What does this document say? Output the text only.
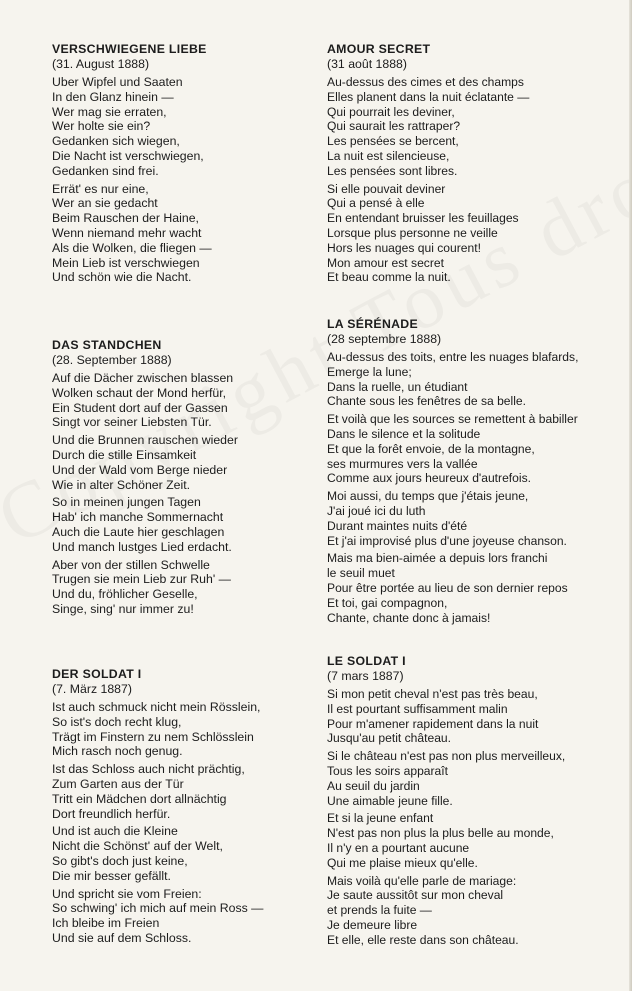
VERSCHWIEGENE LIEBE
(31. August 1888)
Uber Wipfel und Saaten
In den Glanz hinein —
Wer mag sie erraten,
Wer holte sie ein?
Gedanken sich wiegen,
Die Nacht ist verschwiegen,
Gedanken sind frei.
Errät' es nur eine,
Wer an sie gedacht
Beim Rauschen der Haine,
Wenn niemand mehr wacht
Als die Wolken, die fliegen —
Mein Lieb ist verschwiegen
Und schön wie die Nacht.
DAS STANDCHEN
(28. September 1888)
Auf die Dächer zwischen blassen
Wolken schaut der Mond herfür,
Ein Student dort auf der Gassen
Singt vor seiner Liebsten Tür.
Und die Brunnen rauschen wieder
Durch die stille Einsamkeit
Und der Wald vom Berge nieder
Wie in alter Schöner Zeit.
So in meinen jungen Tagen
Hab' ich manche Sommernacht
Auch die Laute hier geschlagen
Und manch lustges Lied erdacht.
Aber von der stillen Schwelle
Trugen sie mein Lieb zur Ruh' —
Und du, fröhlicher Geselle,
Singe, sing' nur immer zu!
DER SOLDAT I
(7. März 1887)
Ist auch schmuck nicht mein Rösslein,
So ist's doch recht klug,
Trägt im Finstern zu nem Schlösslein
Mich rasch noch genug.
Ist das Schloss auch nicht prächtig,
Zum Garten aus der Tür
Tritt ein Mädchen dort allnächtig
Dort freundlich herfür.
Und ist auch die Kleine
Nicht die Schönst' auf der Welt,
So gibt's doch just keine,
Die mir besser gefällt.
Und spricht sie vom Freien:
So schwing' ich mich auf mein Ross —
Ich bleibe im Freien
Und sie auf dem Schloss.
AMOUR SECRET
(31 août 1888)
Au-dessus des cimes et des champs
Elles planent dans la nuit éclatante —
Qui pourrait les deviner,
Qui saurait les rattraper?
Les pensées se bercent,
La nuit est silencieuse,
Les pensées sont libres.
Si elle pouvait deviner
Qui a pensé à elle
En entendant bruisser les feuillages
Lorsque plus personne ne veille
Hors les nuages qui courent!
Mon amour est secret
Et beau comme la nuit.
LA SÉRÉNADE
(28 septembre 1888)
Au-dessus des toits, entre les nuages blafards,
Emerge la lune;
Dans la ruelle, un étudiant
Chante sous les fenêtres de sa belle.
Et voilà que les sources se remettent à babiller
Dans le silence et la solitude
Et que la forêt envoie, de la montagne,
ses murmures vers la vallée
Comme aux jours heureux d'autrefois.
Moi aussi, du temps que j'étais jeune,
J'ai joué ici du luth
Durant maintes nuits d'été
Et j'ai improvisé plus d'une joyeuse chanson.
Mais ma bien-aimée a depuis lors franchi
le seuil muet
Pour être portée au lieu de son dernier repos
Et toi, gai compagnon,
Chante, chante donc à jamais!
LE SOLDAT I
(7 mars 1887)
Si mon petit cheval n'est pas très beau,
Il est pourtant suffisamment malin
Pour m'amener rapidement dans la nuit
Jusqu'au petit château.
Si le château n'est pas non plus merveilleux,
Tous les soirs apparaît
Au seuil du jardin
Une aimable jeune fille.
Et si la jeune enfant
N'est pas non plus la plus belle au monde,
Il n'y en a pourtant aucune
Qui me plaise mieux qu'elle.
Mais voilà qu'elle parle de mariage:
Je saute aussitôt sur mon cheval
et prends la fuite —
Je demeure libre
Et elle, elle reste dans son château.
